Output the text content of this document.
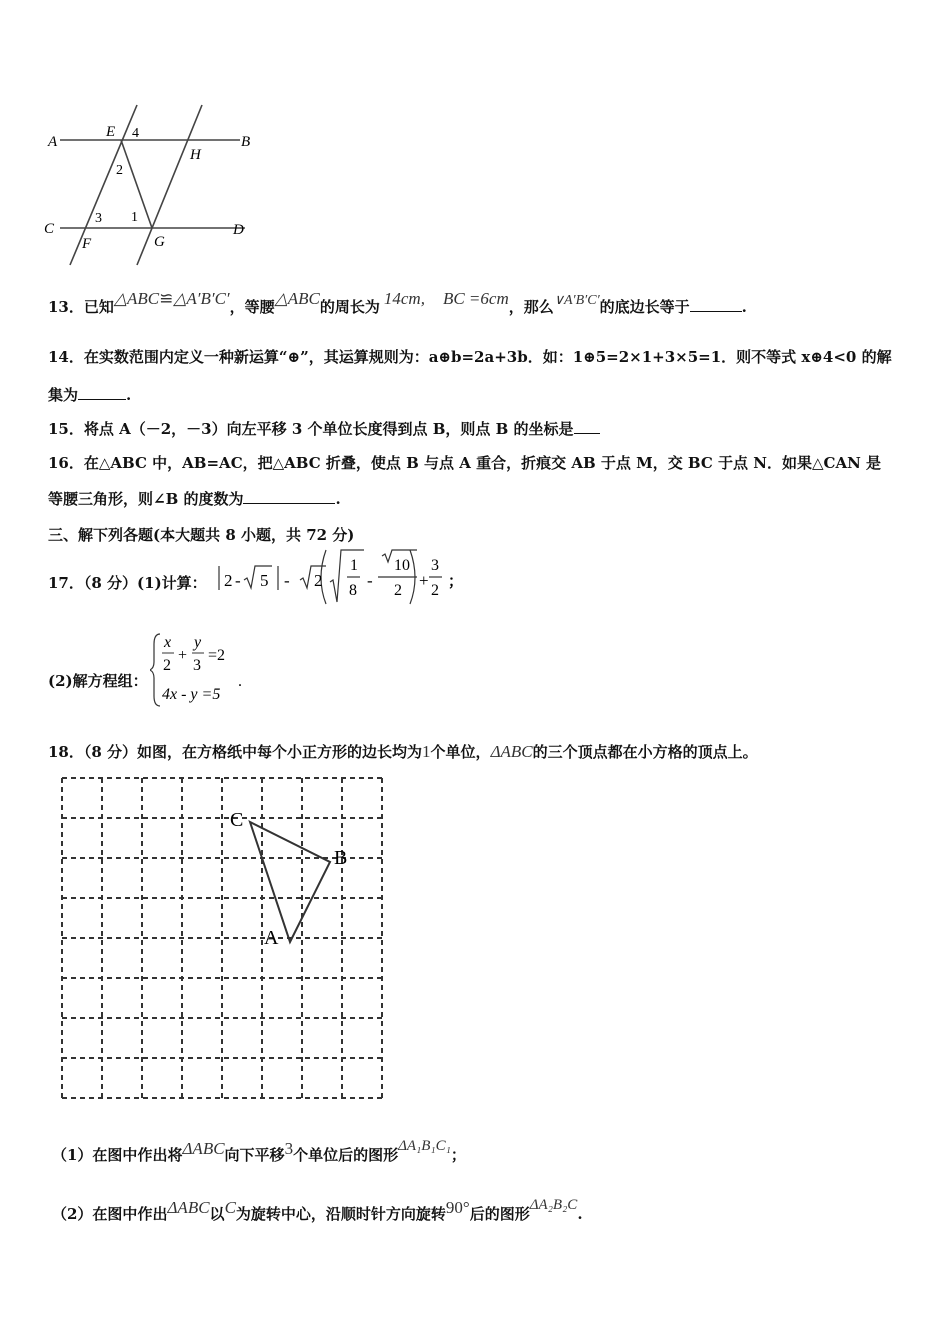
A	B
C	D
E
F	G
H
1
2
3
4
13．已知△ABC≌△A′B′C′，等腰△ABC的周长为 14cm, BC =6cm，那么∨A′B′C′的底边长等于	.
14．在实数范围内定义一种新运算“⊕”，其运算规则为：a⊕b=2a+3b．如：1⊕5=2×1+3×5=1．则不等式 x⊕4<0 的解
集为	.
15．将点 A（－2，－3）向左平移 3 个单位长度得到点 B，则点 B 的坐标是
16．在△ABC 中，AB=AC，把△ABC 折叠，使点 B 与点 A 重合，折痕交 AB 于点 M，交 BC 于点 N．如果△CAN 是
等腰三角形，则∠B 的度数为	.
三、解下列各题(本大题共 8 小题，共 72 分)
17．（8 分）(1)计算： 2 - 5 - 2
1
8
-
10
2
+
3
2 ；
(2)解方程组：
x
2
+
y
3
=2
4x - y =5
.
18．（8 分）如图，在方格纸中每个小正方形的边长均为1个单位，ΔABC的三个顶点都在小方格的顶点上。
C
B
A
（1）在图中作出将ΔABC向下平移3个单位后的图形ΔA₁B₁C₁；
（2）在图中作出ΔABC以C为旋转中心，沿顺时针方向旋转90°后的图形ΔA₂B₂C.
